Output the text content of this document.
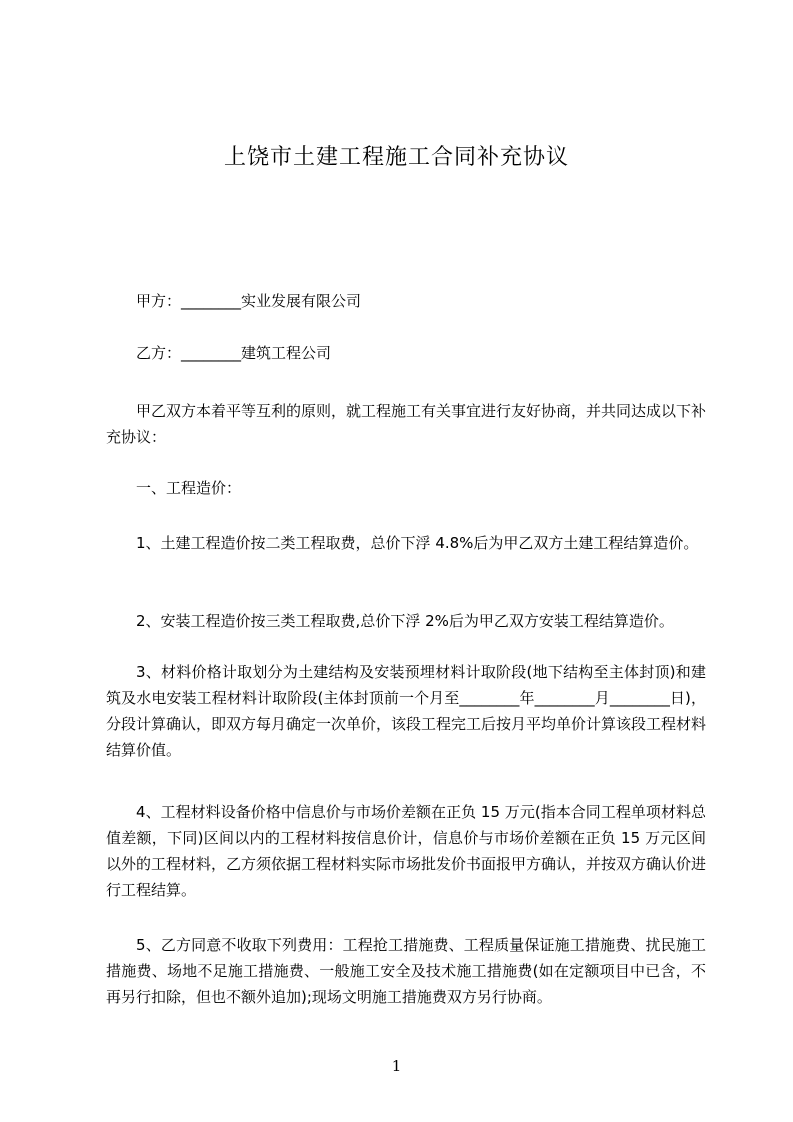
上饶市土建工程施工合同补充协议

甲方：________实业发展有限公司

乙方：________建筑工程公司

甲乙双方本着平等互利的原则，就工程施工有关事宜进行友好协商，并共同达成以下补充协议：

一、工程造价：

1、土建工程造价按二类工程取费，总价下浮 4.8%后为甲乙双方土建工程结算造价。

2、安装工程造价按三类工程取费,总价下浮 2%后为甲乙双方安装工程结算造价。

3、材料价格计取划分为土建结构及安装预埋材料计取阶段(地下结构至主体封顶)和建筑及水电安装工程材料计取阶段(主体封顶前一个月至________年________月________日)，分段计算确认，即双方每月确定一次单价，该段工程完工后按月平均单价计算该段工程材料结算价值。

4、工程材料设备价格中信息价与市场价差额在正负 15 万元(指本合同工程单项材料总值差额，下同)区间以内的工程材料按信息价计，信息价与市场价差额在正负 15 万元区间以外的工程材料，乙方须依据工程材料实际市场批发价书面报甲方确认，并按双方确认价进行工程结算。

5、乙方同意不收取下列费用：工程抢工措施费、工程质量保证施工措施费、扰民施工措施费、场地不足施工措施费、一般施工安全及技术施工措施费(如在定额项目中已含，不再另行扣除，但也不额外追加);现场文明施工措施费双方另行协商。

1
